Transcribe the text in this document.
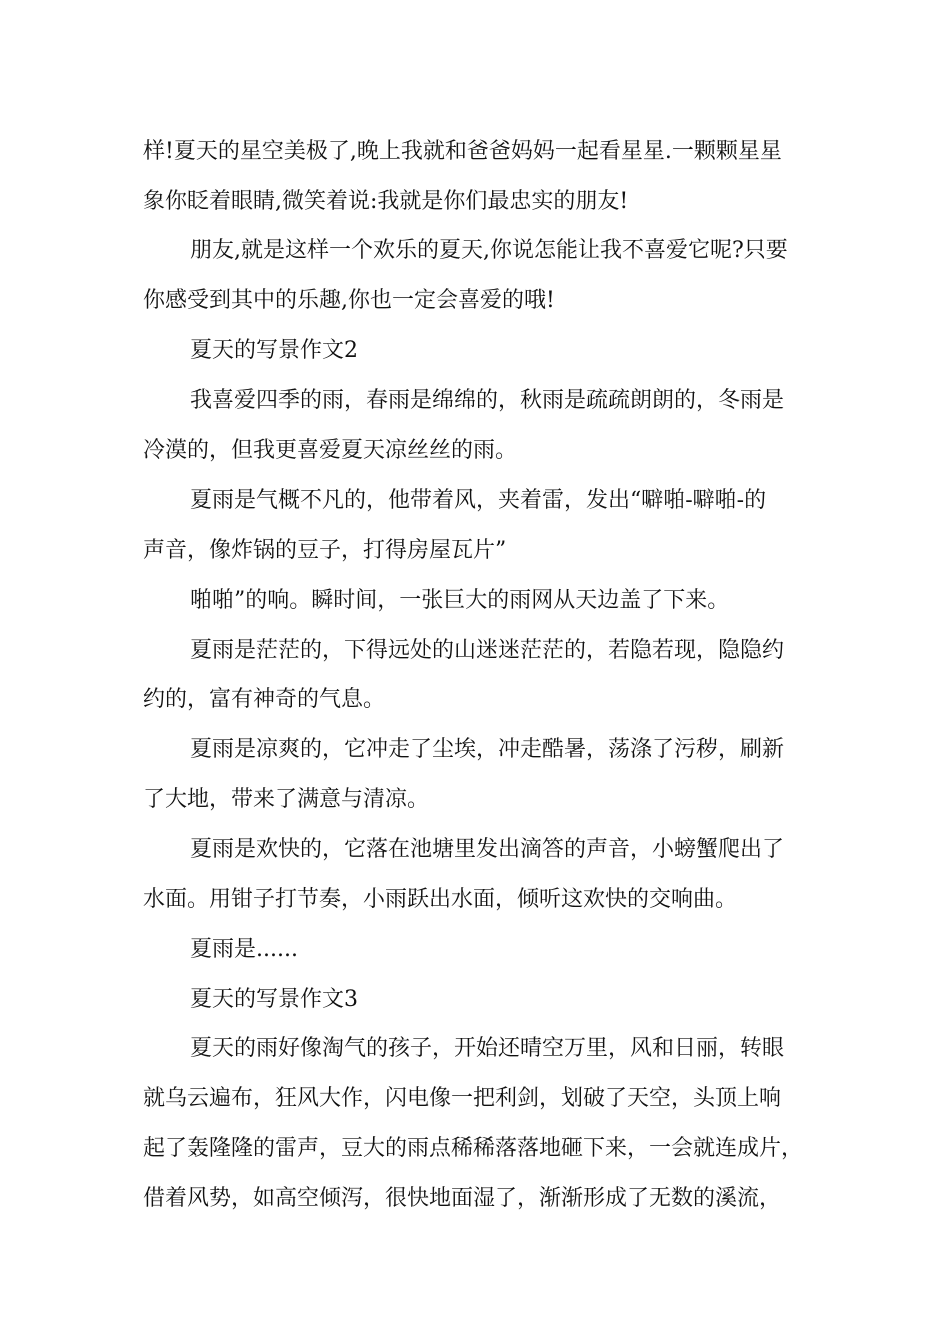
样!夏天的星空美极了,晚上我就和爸爸妈妈一起看星星.一颗颗星星
象你眨着眼睛,微笑着说:我就是你们最忠实的朋友!
朋友,就是这样一个欢乐的夏天,你说怎能让我不喜爱它呢?只要
你感受到其中的乐趣,你也一定会喜爱的哦!
夏天的写景作文2
我喜爱四季的雨，春雨是绵绵的，秋雨是疏疏朗朗的，冬雨是
冷漠的，但我更喜爱夏天凉丝丝的雨。
夏雨是气概不凡的，他带着风，夹着雷，发出“噼啪-噼啪-的
声音，像炸锅的豆子，打得房屋瓦片”
啪啪”的响。瞬时间，一张巨大的雨网从天边盖了下来。
夏雨是茫茫的，下得远处的山迷迷茫茫的，若隐若现，隐隐约
约的，富有神奇的气息。
夏雨是凉爽的，它冲走了尘埃，冲走酷暑，荡涤了污秽，刷新
了大地，带来了满意与清凉。
夏雨是欢快的，它落在池塘里发出滴答的声音，小螃蟹爬出了
水面。用钳子打节奏，小雨跃出水面，倾听这欢快的交响曲。
夏雨是......
夏天的写景作文3
夏天的雨好像淘气的孩子，开始还晴空万里，风和日丽，转眼
就乌云遍布，狂风大作，闪电像一把利剑，划破了天空，头顶上响
起了轰隆隆的雷声，豆大的雨点稀稀落落地砸下来，一会就连成片，
借着风势，如高空倾泻，很快地面湿了，渐渐形成了无数的溪流，
